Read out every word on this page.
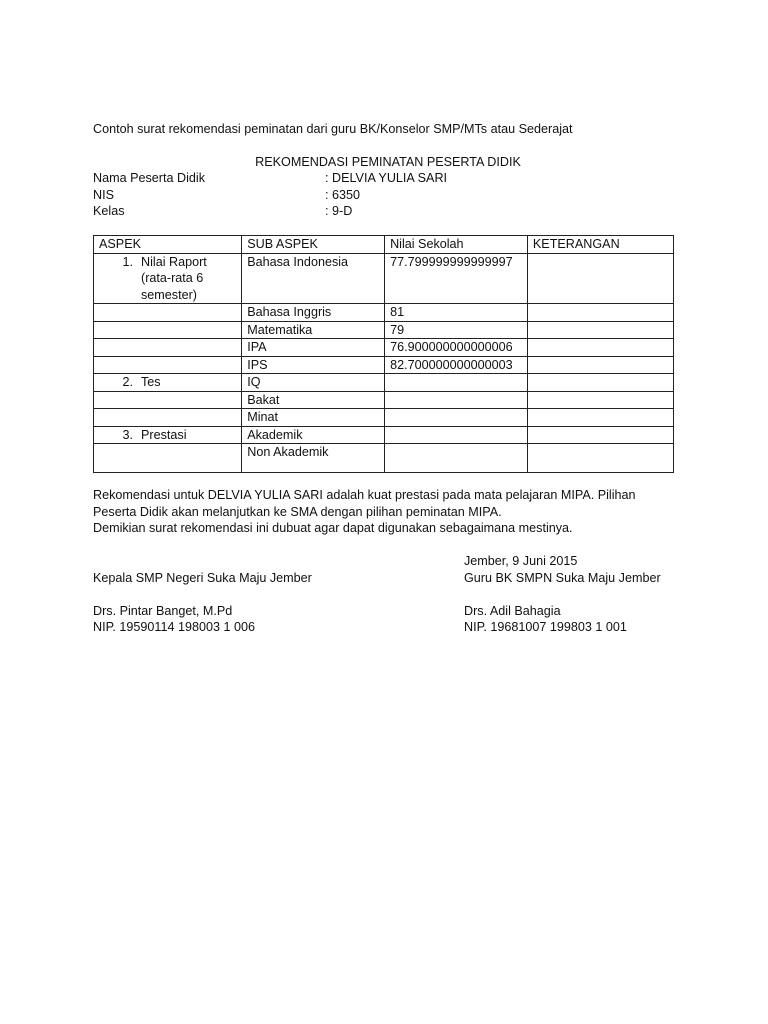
Contoh surat rekomendasi peminatan dari guru BK/Konselor SMP/MTs atau Sederajat

REKOMENDASI PEMINATAN PESERTA DIDIK
Nama Peserta Didik	: DELVIA YULIA SARI
NIS	: 6350
Kelas	: 9-D
ASPEK	SUB ASPEK	Nilai Sekolah	KETERANGAN

1. Nilai Raport (rata-rata 6 semester)	Bahasa Indonesia	77.799999999999997	
	Bahasa Inggris	81	
	Matematika	79	
	IPA	76.900000000000006	
	IPS	82.700000000000003	

2. Tes	IQ		
	Bakat		
	Minat		

3. Prestasi	Akademik		
	Non Akademik		

Rekomendasi untuk DELVIA YULIA SARI adalah kuat prestasi pada mata pelajaran MIPA. Pilihan

Peserta Didik akan melanjutkan ke SMA dengan pilihan peminatan MIPA.

Demikian surat rekomendasi ini dubuat agar dapat digunakan sebagaimana mestinya.

Jember, 9 Juni 2015
Kepala SMP Negeri Suka Maju Jember	Guru BK SMPN Suka Maju Jember
Drs. Pintar Banget, M.Pd	Drs. Adil Bahagia
NIP. 19590114 198003 1 006	NIP. 19681007 199803 1 001
